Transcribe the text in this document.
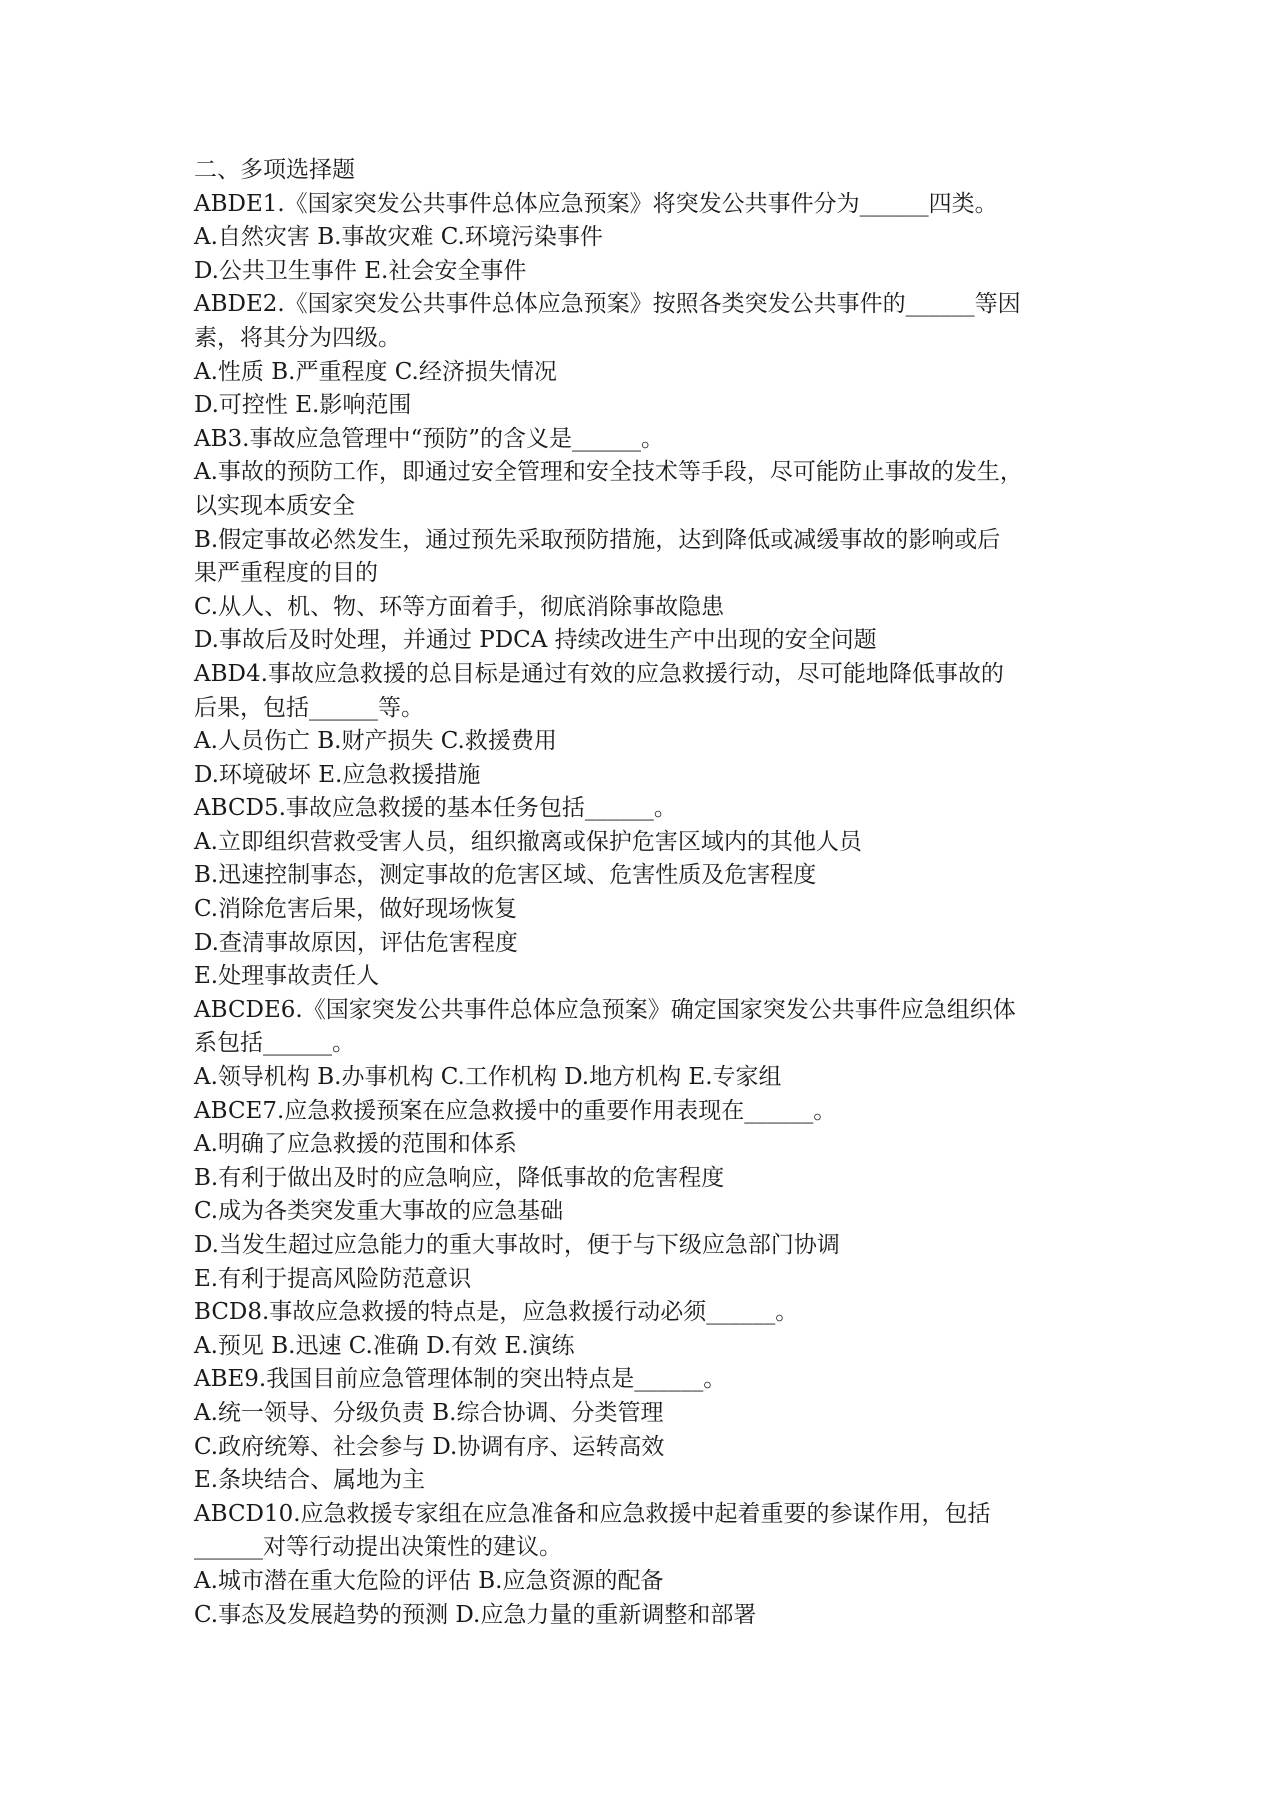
二、多项选择题

ABDE1.《国家突发公共事件总体应急预案》将突发公共事件分为______四类。

A.自然灾害 B.事故灾难 C.环境污染事件

D.公共卫生事件 E.社会安全事件

ABDE2.《国家突发公共事件总体应急预案》按照各类突发公共事件的______等因

素，将其分为四级。

A.性质 B.严重程度 C.经济损失情况

D.可控性 E.影响范围

AB3.事故应急管理中“预防”的含义是______。

A.事故的预防工作，即通过安全管理和安全技术等手段，尽可能防止事故的发生，

以实现本质安全

B.假定事故必然发生，通过预先采取预防措施，达到降低或减缓事故的影响或后

果严重程度的目的

C.从人、机、物、环等方面着手，彻底消除事故隐患

D.事故后及时处理，并通过 PDCA 持续改进生产中出现的安全问题

ABD4.事故应急救援的总目标是通过有效的应急救援行动，尽可能地降低事故的

后果，包括______等。

A.人员伤亡 B.财产损失 C.救援费用

D.环境破坏 E.应急救援措施

ABCD5.事故应急救援的基本任务包括______。

A.立即组织营救受害人员，组织撤离或保护危害区域内的其他人员

B.迅速控制事态，测定事故的危害区域、危害性质及危害程度

C.消除危害后果，做好现场恢复

D.查清事故原因，评估危害程度

E.处理事故责任人

ABCDE6.《国家突发公共事件总体应急预案》确定国家突发公共事件应急组织体

系包括______。

A.领导机构 B.办事机构 C.工作机构 D.地方机构 E.专家组

ABCE7.应急救援预案在应急救援中的重要作用表现在______。

A.明确了应急救援的范围和体系

B.有利于做出及时的应急响应，降低事故的危害程度

C.成为各类突发重大事故的应急基础

D.当发生超过应急能力的重大事故时，便于与下级应急部门协调

E.有利于提高风险防范意识

BCD8.事故应急救援的特点是，应急救援行动必须______。

A.预见 B.迅速 C.准确 D.有效 E.演练

ABE9.我国目前应急管理体制的突出特点是______。

A.统一领导、分级负责 B.综合协调、分类管理

C.政府统筹、社会参与 D.协调有序、运转高效

E.条块结合、属地为主

ABCD10.应急救援专家组在应急准备和应急救援中起着重要的参谋作用，包括

______对等行动提出决策性的建议。

A.城市潜在重大危险的评估 B.应急资源的配备

C.事态及发展趋势的预测 D.应急力量的重新调整和部署
